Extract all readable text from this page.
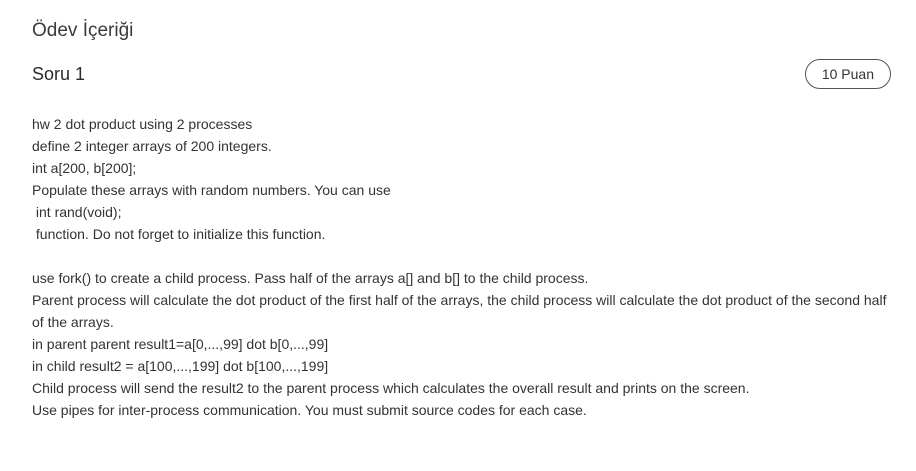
Ödev İçeriği
Soru 1	10 Puan
hw 2 dot product using 2 processes
define 2 integer arrays of 200 integers.
int a[200, b[200];
Populate these arrays with random numbers. You can use
int rand(void);
function. Do not forget to initialize this function.
use fork() to create a child process. Pass half of the arrays a[] and b[] to the child process.
Parent process will calculate the dot product of the first half of the arrays, the child process will calculate the dot product of the second half of the arrays.
in parent parent result1=a[0,...,99] dot b[0,...,99]
in child result2 = a[100,...,199] dot b[100,...,199]
Child process will send the result2 to the parent process which calculates the overall result and prints on the screen.
Use pipes for inter-process communication. You must submit source codes for each case.
